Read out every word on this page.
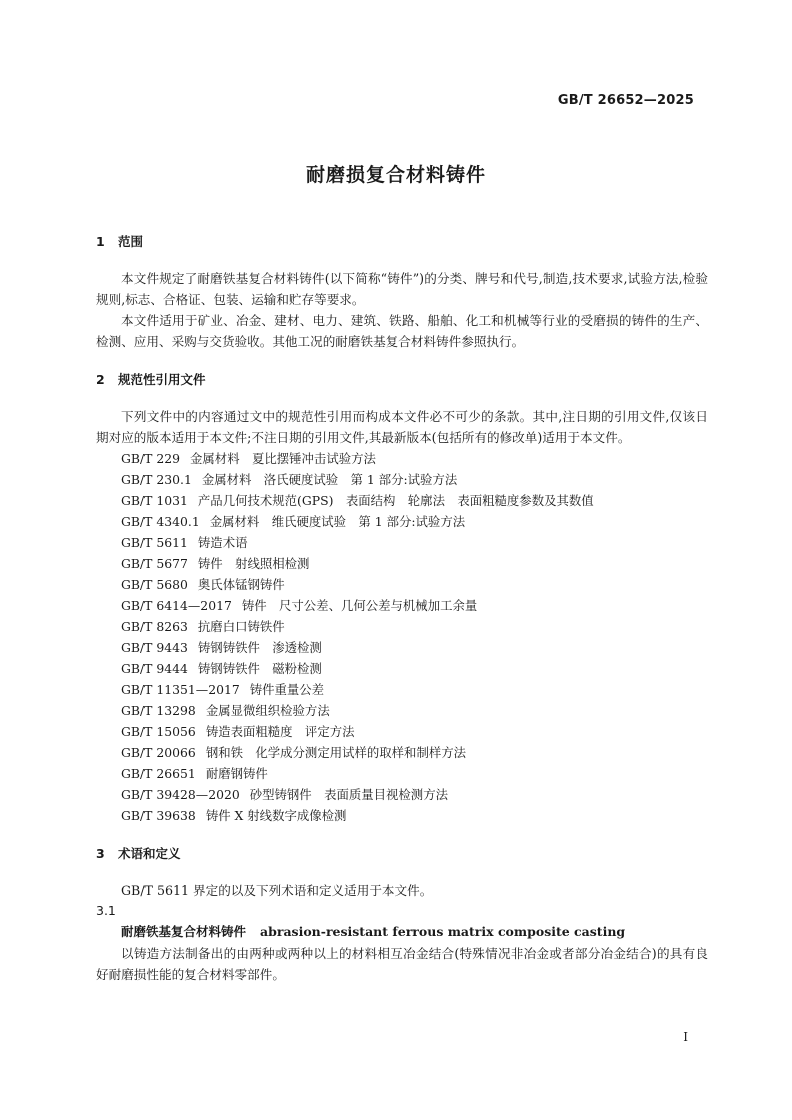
GB/T 26652—2025
耐磨损复合材料铸件
1 范围

本文件规定了耐磨铁基复合材料铸件(以下简称“铸件”)的分类、牌号和代号,制造,技术要求,试验方法,检验规则,标志、合格证、包装、运输和贮存等要求。

本文件适用于矿业、冶金、建材、电力、建筑、铁路、船舶、化工和机械等行业的受磨损的铸件的生产、检测、应用、采购与交货验收。其他工况的耐磨铁基复合材料铸件参照执行。

2 规范性引用文件

下列文件中的内容通过文中的规范性引用而构成本文件必不可少的条款。其中,注日期的引用文件,仅该日期对应的版本适用于本文件;不注日期的引用文件,其最新版本(包括所有的修改单)适用于本文件。

GB/T 229 金属材料　夏比摆锤冲击试验方法
GB/T 230.1 金属材料　洛氏硬度试验　第 1 部分:试验方法
GB/T 1031 产品几何技术规范(GPS)　表面结构　轮廓法　表面粗糙度参数及其数值
GB/T 4340.1 金属材料　维氏硬度试验　第 1 部分:试验方法
GB/T 5611 铸造术语
GB/T 5677 铸件　射线照相检测
GB/T 5680 奥氏体锰钢铸件
GB/T 6414—2017 铸件　尺寸公差、几何公差与机械加工余量
GB/T 8263 抗磨白口铸铁件
GB/T 9443 铸钢铸铁件　渗透检测
GB/T 9444 铸钢铸铁件　磁粉检测
GB/T 11351—2017 铸件重量公差
GB/T 13298 金属显微组织检验方法
GB/T 15056 铸造表面粗糙度　评定方法
GB/T 20066 钢和铁　化学成分测定用试样的取样和制样方法
GB/T 26651 耐磨钢铸件
GB/T 39428—2020 砂型铸钢件　表面质量目视检测方法
GB/T 39638 铸件 X 射线数字成像检测
3 术语和定义

GB/T 5611 界定的以及下列术语和定义适用于本文件。

3.1
耐磨铁基复合材料铸件 abrasion-resistant ferrous matrix composite casting

以铸造方法制备出的由两种或两种以上的材料相互冶金结合(特殊情况非冶金或者部分冶金结合)的具有良好耐磨损性能的复合材料零部件。

I
